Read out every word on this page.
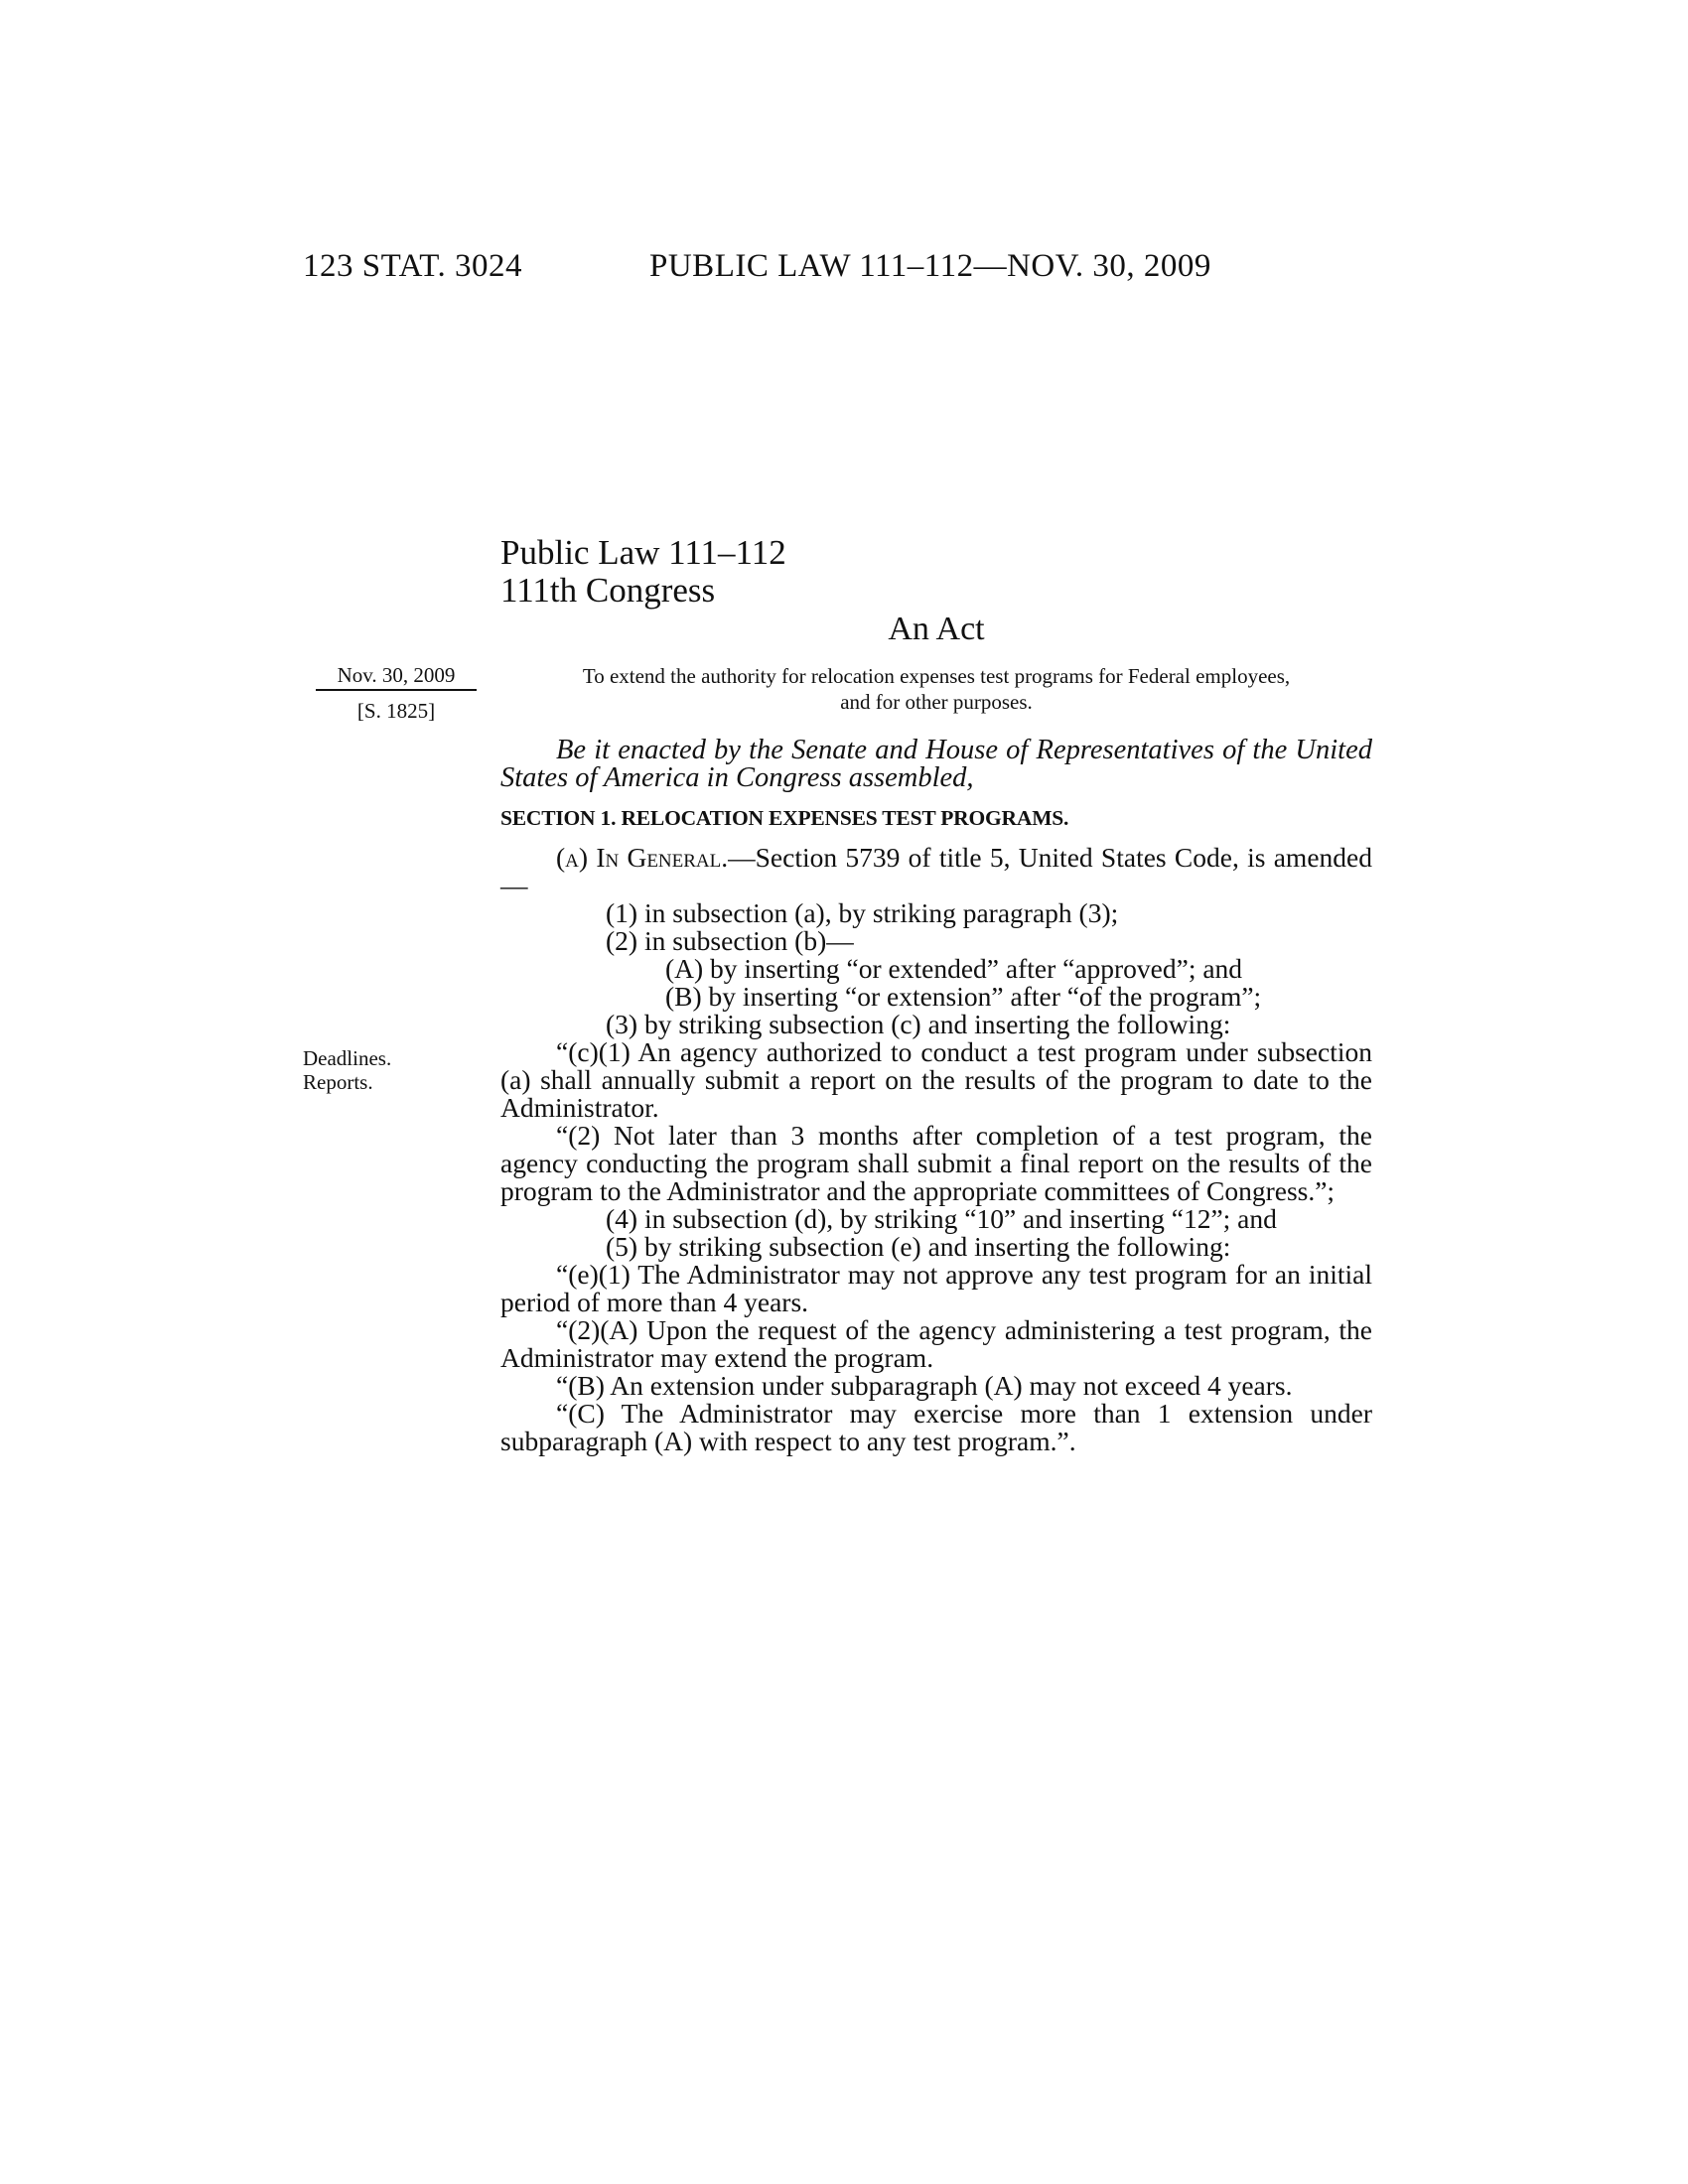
123 STAT. 3024	PUBLIC LAW 111–112—NOV. 30, 2009
Public Law 111–112
111th Congress
An Act
Nov. 30, 2009
[S. 1825]
To extend the authority for relocation expenses test programs for Federal employees,
and for other purposes.
Deadlines.
Reports.

Be it enacted by the Senate and House of Representatives of the United States of America in Congress assembled,

SECTION 1. RELOCATION EXPENSES TEST PROGRAMS.

(a) In General.—Section 5739 of title 5, United States Code, is amended—

(1) in subsection (a), by striking paragraph (3);

(2) in subsection (b)—

(A) by inserting “or extended” after “approved”; and

(B) by inserting “or extension” after “of the program”;

(3) by striking subsection (c) and inserting the following:

“(c)(1) An agency authorized to conduct a test program under subsection (a) shall annually submit a report on the results of the program to date to the Administrator.

“(2) Not later than 3 months after completion of a test program, the agency conducting the program shall submit a final report on the results of the program to the Administrator and the appropriate committees of Congress.”;

(4) in subsection (d), by striking “10” and inserting “12”; and

(5) by striking subsection (e) and inserting the following:

“(e)(1) The Administrator may not approve any test program for an initial period of more than 4 years.

“(2)(A) Upon the request of the agency administering a test program, the Administrator may extend the program.

“(B) An extension under subparagraph (A) may not exceed 4 years.

“(C) The Administrator may exercise more than 1 extension under subparagraph (A) with respect to any test program.”.
